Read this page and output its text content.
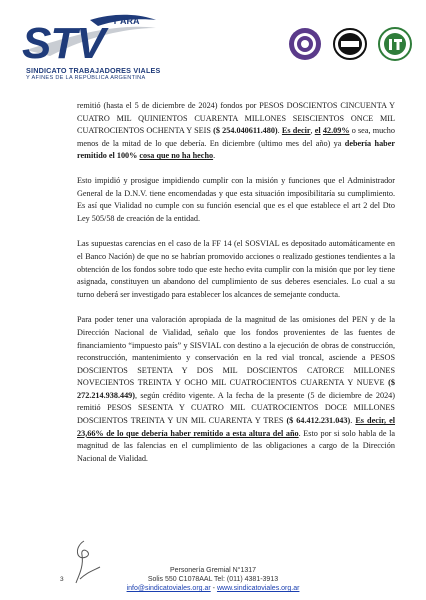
STV Y ARA
SINDICATO TRABAJADORES VIALES
Y AFINES DE LA REPÚBLICA ARGENTINA

remitió (hasta el 5 de diciembre de 2024) fondos por PESOS DOSCIENTOS CINCUENTA Y CUATRO MIL QUINIENTOS CUARENTA MILLONES SEISCIENTOS ONCE MIL CUATROCIENTOS OCHENTA Y SEIS ($ 254.040611.480). Es decir, el 42.09% o sea, mucho menos de la mitad de lo que debería. En diciembre (ultimo mes del año) ya debería haber remitido el 100% cosa que no ha hecho.

Esto impidió y prosigue impidiendo cumplir con la misión y funciones que el Administrador General de la D.N.V. tiene encomendadas y que esta situación imposibilitaría su cumplimiento. Es así que Vialidad no cumple con su función esencial que es el que establece el art 2 del Dto Ley 505/58 de creación de la entidad.

Las supuestas carencias en el caso de la FF 14 (el SOSVIAL es depositado automáticamente en el Banco Nación) de que no se habrían promovido acciones o realizado gestiones tendientes a la obtención de los fondos sobre todo que este hecho evita cumplir con la misión que por ley tiene asignada, constituyen un abandono del cumplimiento de sus deberes esenciales. Lo cual a su turno deberá ser investigado para establecer los alcances de semejante conducta.

Para poder tener una valoración apropiada de la magnitud de las omisiones del PEN y de la Dirección Nacional de Vialidad, señalo que los fondos provenientes de las fuentes de financiamiento “impuesto país” y SISVIAL con destino a la ejecución de obras de construcción, reconstrucción, mantenimiento y conservación en la red vial troncal, asciende a PESOS DOSCIENTOS SETENTA Y DOS MIL DOSCIENTOS CATORCE MILLONES NOVECIENTOS TREINTA Y OCHO MIL CUATROCIENTOS CUARENTA Y NUEVE ($ 272.214.938.449), según crédito vigente. A la fecha de la presente (5 de diciembre de 2024) remitió PESOS SESENTA Y CUATRO MIL CUATROCIENTOS DOCE MILLONES DOSCIENTOS TREINTA Y UN MIL CUARENTA Y TRES ($ 64.412.231.043). Es decir, el 23,66% de lo que debería haber remitido a esta altura del año. Esto por si solo habla de la magnitud de las falencias en el cumplimiento de las obligaciones a cargo de la Dirección Nacional de Vialidad.

3
Personería Gremial N°1317
Solis 550 C1078AAL Tel: (011) 4381-3913
info@sindicatoviales.org.ar - www.sindicatoviales.org.ar
